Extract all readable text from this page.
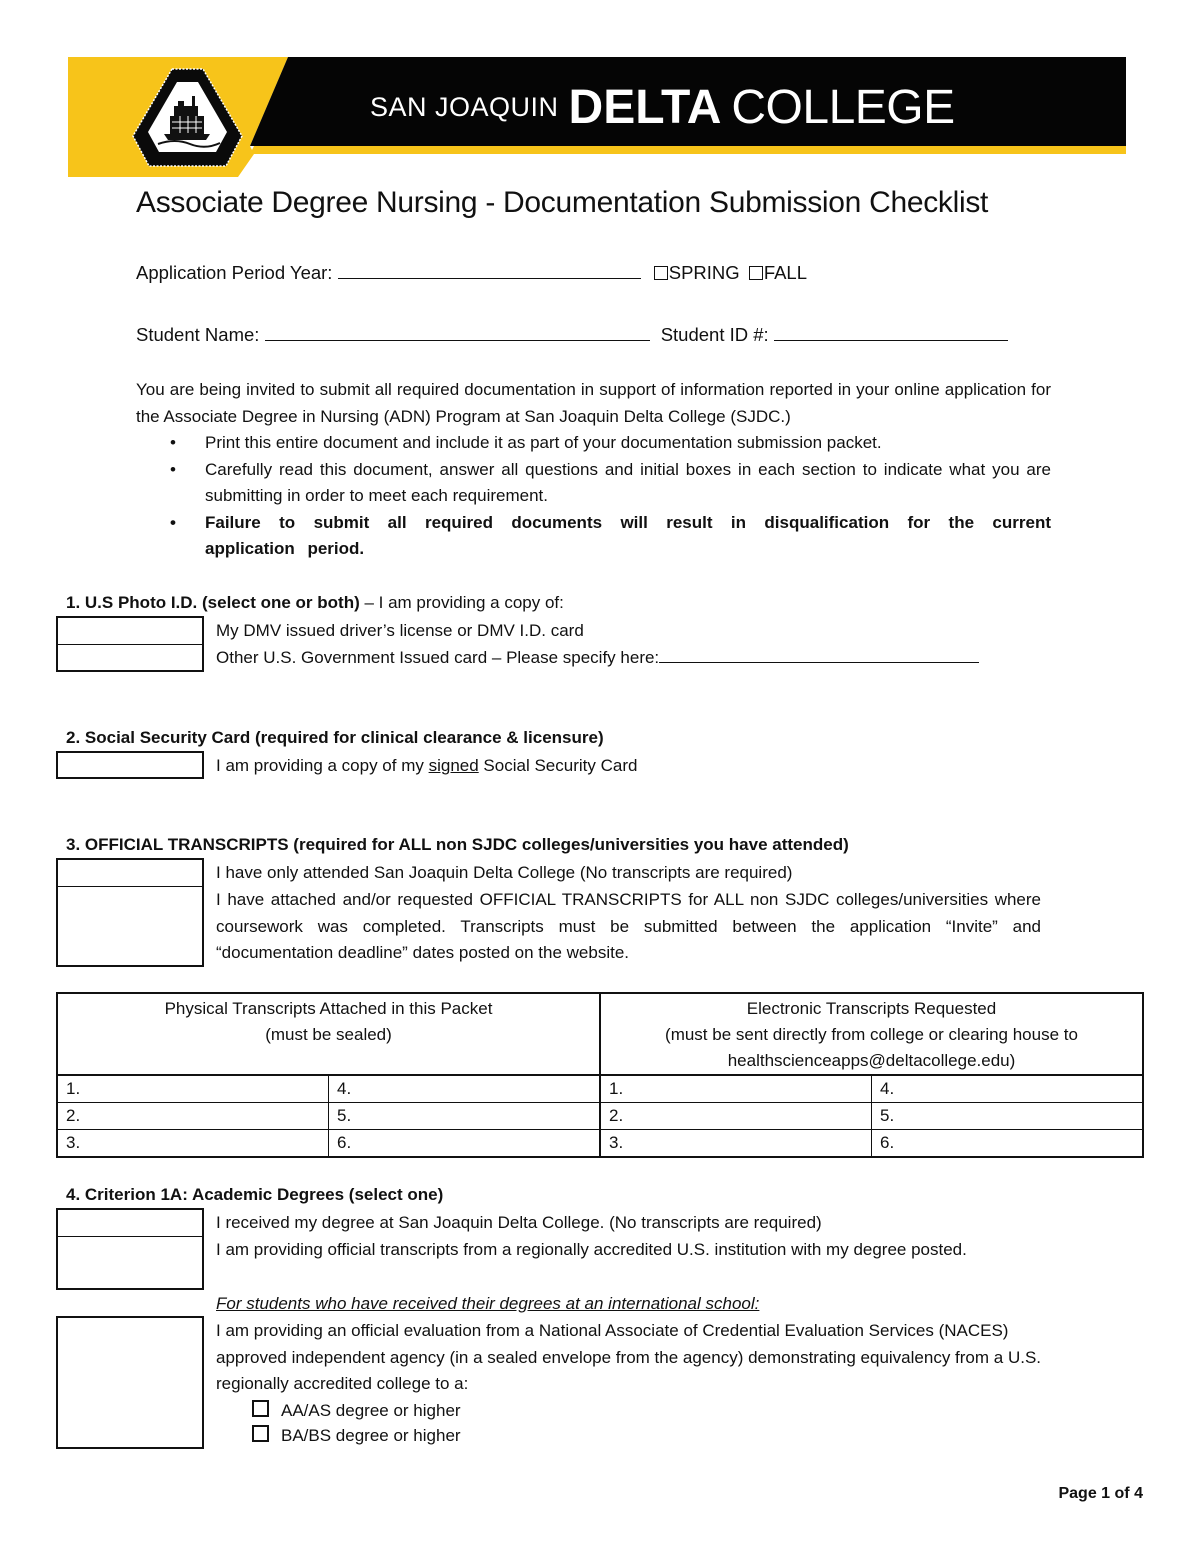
SAN JOAQUIN DELTA COLLEGE
Associate Degree Nursing - Documentation Submission Checklist
Application Period Year:	SPRING FALL
Student Name:	Student ID #:
You are being invited to submit all required documentation in support of information reported in your online application for the Associate Degree in Nursing (ADN) Program at San Joaquin Delta College (SJDC.)
• Print this entire document and include it as part of your documentation submission packet.
• Carefully read this document, answer all questions and initial boxes in each section to indicate what you are submitting in order to meet each requirement.
• Failure to submit all required documents will result in disqualification for the current application period.
1. U.S Photo I.D. (select one or both) – I am providing a copy of:
My DMV issued driver’s license or DMV I.D. card
Other U.S. Government Issued card – Please specify here:
2. Social Security Card (required for clinical clearance & licensure)
I am providing a copy of my signed Social Security Card
3. OFFICIAL TRANSCRIPTS (required for ALL non SJDC colleges/universities you have attended)
I have only attended San Joaquin Delta College (No transcripts are required)
I have attached and/or requested OFFICIAL TRANSCRIPTS for ALL non SJDC colleges/universities where coursework was completed. Transcripts must be submitted between the application “Invite” and “documentation deadline” dates posted on the website.
Physical Transcripts Attached in this Packet
(must be sealed)

Electronic Transcripts Requested
(must be sent directly from college or clearing house to
healthscienceapps@deltacollege.edu)

1.	4.	1.	4.
2.	5.	2.	5.
3.	6.	3.	6.
4. Criterion 1A: Academic Degrees (select one)
I received my degree at San Joaquin Delta College. (No transcripts are required)
I am providing official transcripts from a regionally accredited U.S. institution with my degree posted.
For students who have received their degrees at an international school:
I am providing an official evaluation from a National Associate of Credential Evaluation Services (NACES) approved independent agency (in a sealed envelope from the agency) demonstrating equivalency from a U.S. regionally accredited college to a:
AA/AS degree or higher
BA/BS degree or higher
Page 1 of 4
